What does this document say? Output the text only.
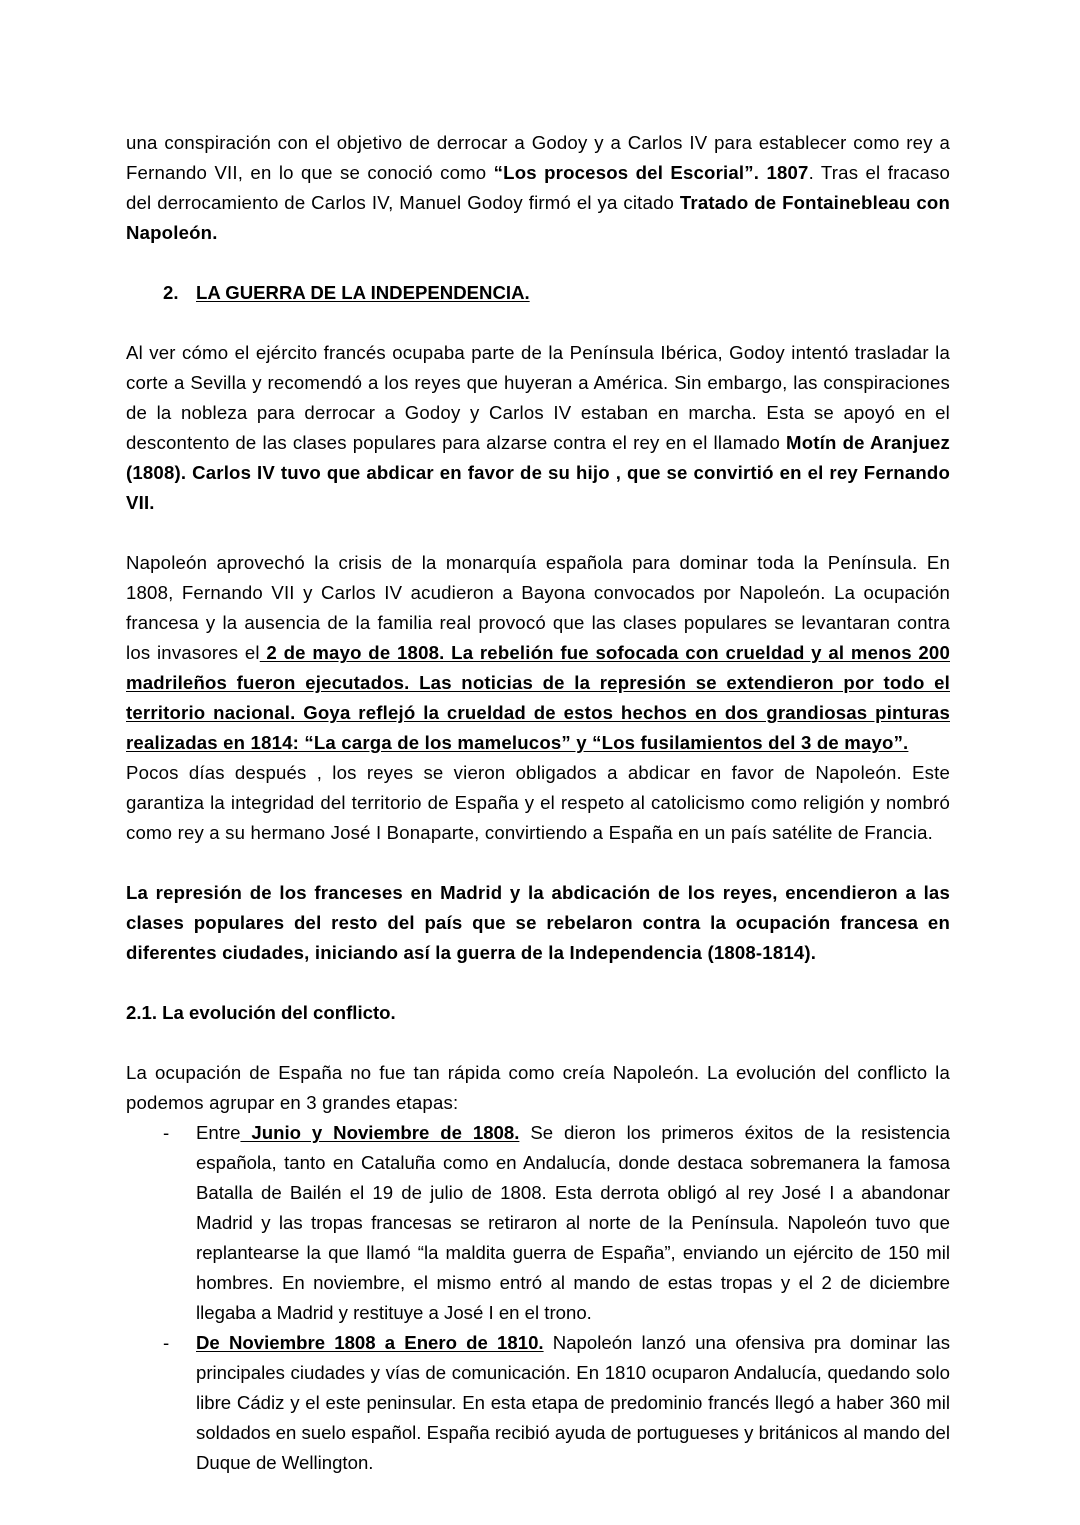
una conspiración con el objetivo de derrocar a Godoy y a Carlos IV para establecer como rey a Fernando VII, en lo que se conoció como “Los procesos del Escorial”. 1807. Tras el fracaso del derrocamiento de Carlos IV, Manuel Godoy firmó el ya citado Tratado de Fontainebleau con Napoleón.

2. LA GUERRA DE LA INDEPENDENCIA.

Al ver cómo el ejército francés ocupaba parte de la Península Ibérica, Godoy intentó trasladar la corte a Sevilla y recomendó a los reyes que huyeran a América. Sin embargo, las conspiraciones de la nobleza para derrocar a Godoy y Carlos IV estaban en marcha. Esta se apoyó en el descontento de las clases populares para alzarse contra el rey en el llamado Motín de Aranjuez (1808). Carlos IV tuvo que abdicar en favor de su hijo , que se convirtió en el rey Fernando VII.

Napoleón aprovechó la crisis de la monarquía española para dominar toda la Península. En 1808, Fernando VII y Carlos IV acudieron a Bayona convocados por Napoleón. La ocupación francesa y la ausencia de la familia real provocó que las clases populares se levantaran contra los invasores el 2 de mayo de 1808. La rebelión fue sofocada con crueldad y al menos 200 madrileños fueron ejecutados. Las noticias de la represión se extendieron por todo el territorio nacional. Goya reflejó la crueldad de estos hechos en dos grandiosas pinturas realizadas en 1814: “La carga de los mamelucos” y “Los fusilamientos del 3 de mayo”.
Pocos días después , los reyes se vieron obligados a abdicar en favor de Napoleón. Este garantiza la integridad del territorio de España y el respeto al catolicismo como religión y nombró como rey a su hermano José I Bonaparte, convirtiendo a España en un país satélite de Francia.

La represión de los franceses en Madrid y la abdicación de los reyes, encendieron a las clases populares del resto del país que se rebelaron contra la ocupación francesa en diferentes ciudades, iniciando así la guerra de la Independencia (1808-1814).

2.1. La evolución del conflicto.

La ocupación de España no fue tan rápida como creía Napoleón. La evolución del conflicto la podemos agrupar en 3 grandes etapas:

-	Entre Junio y Noviembre de 1808. Se dieron los primeros éxitos de la resistencia española, tanto en Cataluña como en Andalucía, donde destaca sobremanera la famosa Batalla de Bailén el 19 de julio de 1808. Esta derrota obligó al rey José I a abandonar Madrid y las tropas francesas se retiraron al norte de la Península. Napoleón tuvo que replantearse la que llamó “la maldita guerra de España”, enviando un ejército de 150 mil hombres. En noviembre, el mismo entró al mando de estas tropas y el 2 de diciembre llegaba a Madrid y restituye a José I en el trono.
-	De Noviembre 1808 a Enero de 1810. Napoleón lanzó una ofensiva pra dominar las principales ciudades y vías de comunicación. En 1810 ocuparon Andalucía, quedando solo libre Cádiz y el este peninsular. En esta etapa de predominio francés llegó a haber 360 mil soldados en suelo español. España recibió ayuda de portugueses y británicos al mando del Duque de Wellington.
